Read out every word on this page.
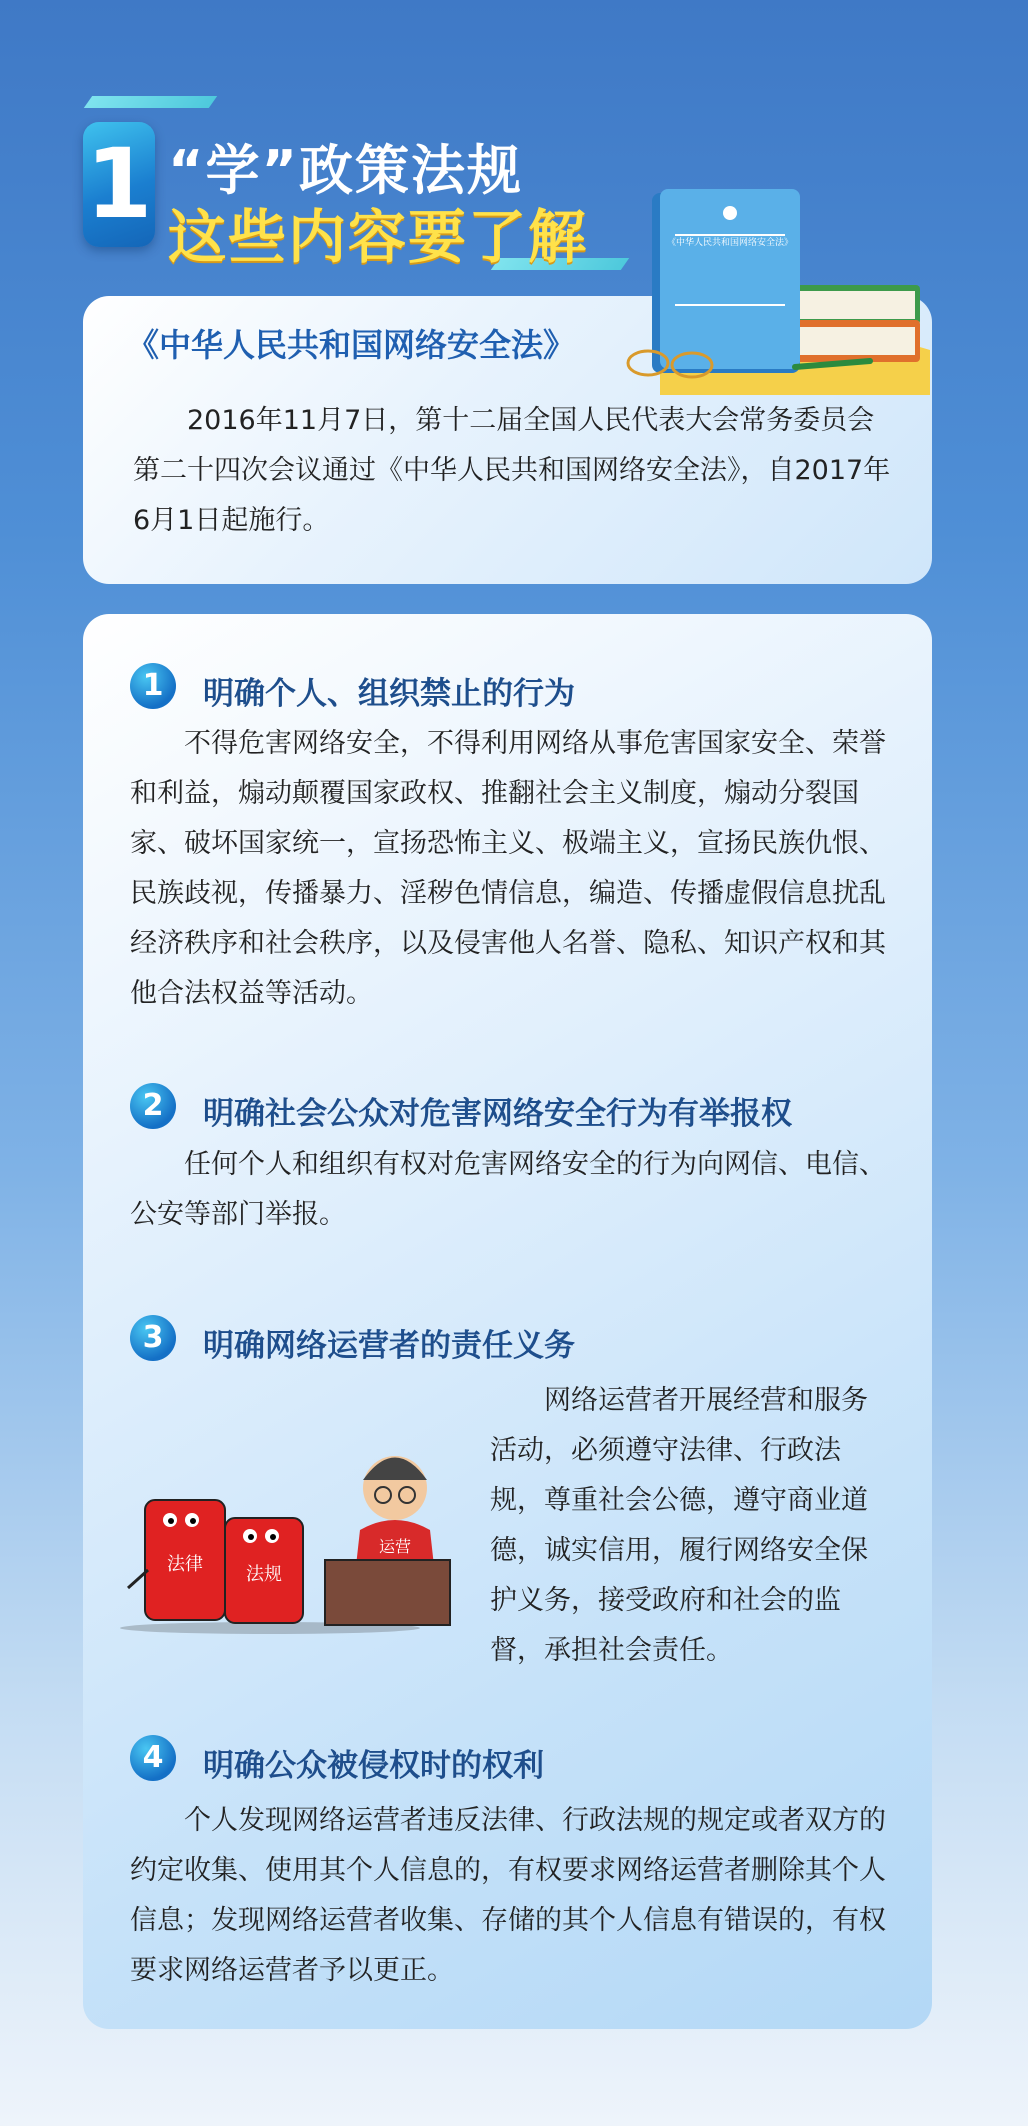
1 “学”政策法规
这些内容要了解
《中华人民共和国网络安全法》
2016年11月7日，第十二届全国人民代表大会常务委员会第二十四次会议通过《中华人民共和国网络安全法》，自2017年6月1日起施行。
《中华人民共和国网络安全法》
1	明确个人、组织禁止的行为
不得危害网络安全，不得利用网络从事危害国家安全、荣誉和利益，煽动颠覆国家政权、推翻社会主义制度，煽动分裂国家、破坏国家统一，宣扬恐怖主义、极端主义，宣扬民族仇恨、民族歧视，传播暴力、淫秽色情信息，编造、传播虚假信息扰乱经济秩序和社会秩序，以及侵害他人名誉、隐私、知识产权和其他合法权益等活动。
2	明确社会公众对危害网络安全行为有举报权
任何个人和组织有权对危害网络安全的行为向网信、电信、公安等部门举报。
3	明确网络运营者的责任义务
网络运营者开展经营和服务活动，必须遵守法律、行政法规，尊重社会公德，遵守商业道德，诚实信用，履行网络安全保护义务，接受政府和社会的监督，承担社会责任。
法律 法规
运营
4	明确公众被侵权时的权利
个人发现网络运营者违反法律、行政法规的规定或者双方的约定收集、使用其个人信息的，有权要求网络运营者删除其个人信息；发现网络运营者收集、存储的其个人信息有错误的，有权要求网络运营者予以更正。
